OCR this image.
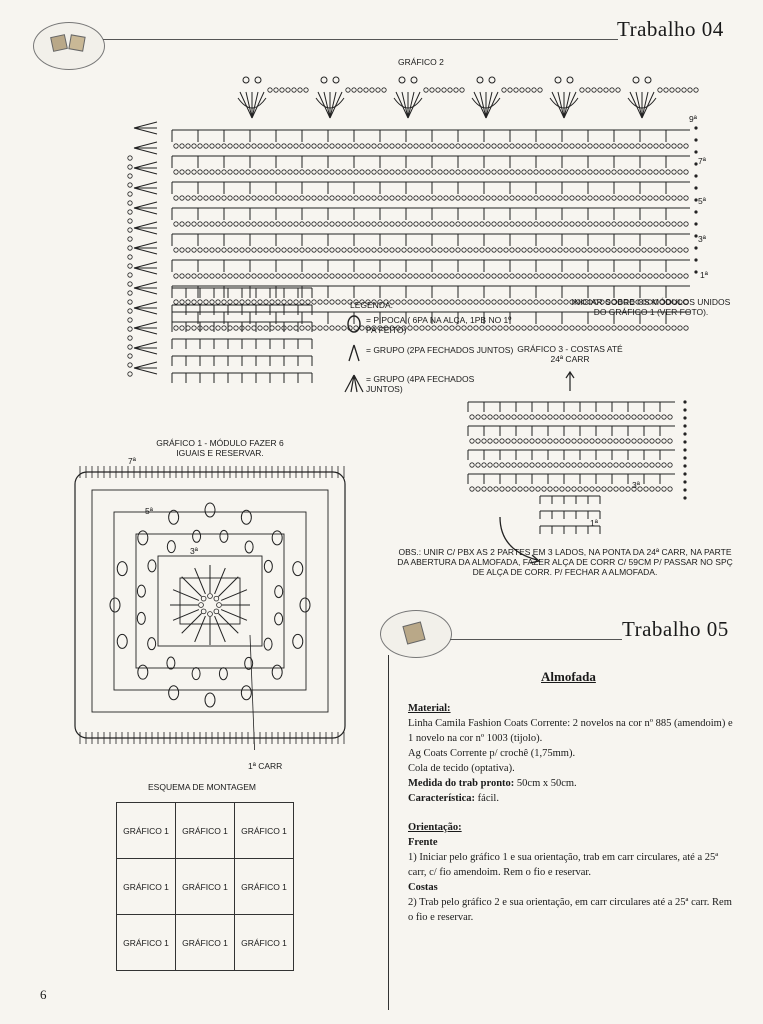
Trabalho 04
GRÁFICO 2
9ª
7ª
5ª
3ª
1ª
INICIAR SOBRE OS MÓDULOS UNIDOS DO GRÁFICO 1 (VER FOTO).
LEGENDA:
= PIPOCA ( 6PA NA ALÇA, 1PB NO 1º PA FEITO)
= GRUPO (2PA FECHADOS JUNTOS)
= GRUPO (4PA FECHADOS JUNTOS)
GRÁFICO 3 - COSTAS ATÉ 24ª CARR
3ª
1ª
OBS.: UNIR C/ PBX AS 2 PARTES EM 3 LADOS, NA PONTA DA 24ª CARR, NA PARTE DA ABERTURA DA ALMOFADA, FAZER ALÇA DE CORR C/ 59CM P/ PASSAR NO SPÇ DE ALÇA DE CORR. P/ FECHAR A ALMOFADA.
GRÁFICO 1 - MÓDULO FAZER 6 IGUAIS E RESERVAR.
7ª
5ª
3ª
1ª CARR
ESQUEMA DE MONTAGEM
GRÁFICO 1	GRÁFICO 1	GRÁFICO 1
GRÁFICO 1	GRÁFICO 1	GRÁFICO 1
GRÁFICO 1	GRÁFICO 1	GRÁFICO 1
Trabalho 05
Almofada

Material:

Linha Camila Fashion Coats Corrente: 2 novelos na cor nº 885 (amendoim) e 1 novelo na cor nº 1003 (tijolo).

Ag Coats Corrente p/ crochê (1,75mm).

Cola de tecido (optativa).

Medida do trab pronto: 50cm x 50cm.

Característica: fácil.

Orientação:

Frente

1) Iniciar pelo gráfico 1 e sua orientação, trab em carr circulares, até a 25ª carr, c/ fio amendoim. Rem o fio e reservar.

Costas

2) Trab pelo gráfico 2 e sua orientação, em carr circulares até a 25ª carr. Rem o fio e reservar.

6
